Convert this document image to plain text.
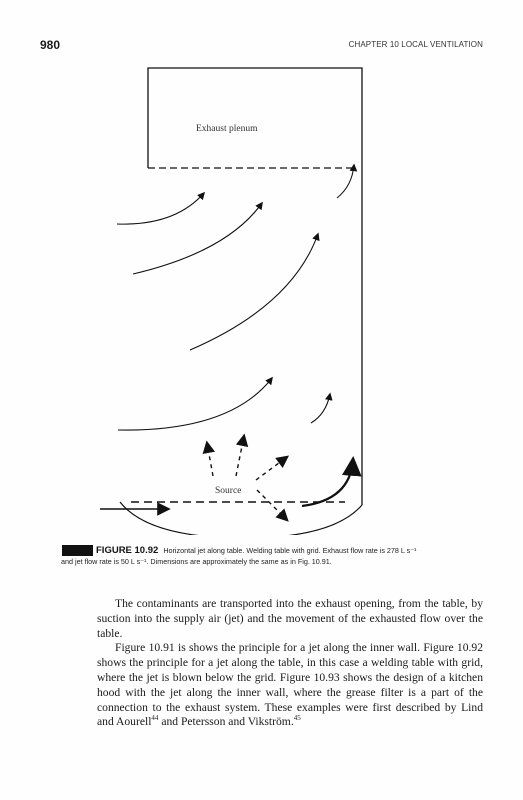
980	CHAPTER 10 LOCAL VENTILATION
Exhaust plenum
Source
FIGURE 10.92 Horizontal jet along table. Welding table with grid. Exhaust flow rate is 278 L s⁻¹
and jet flow rate is 50 L s⁻¹. Dimensions are approximately the same as in Fig. 10.91.

The contaminants are transported into the exhaust opening, from the table, by suction into the supply air (jet) and the movement of the exhausted flow over the table.

Figure 10.91 is shows the principle for a jet along the inner wall. Figure 10.92 shows the principle for a jet along the table, in this case a welding table with grid, where the jet is blown below the grid. Figure 10.93 shows the design of a kitchen hood with the jet along the inner wall, where the grease filter is a part of the connection to the exhaust system. These examples were first described by Lind and Aourell$^{44}$ and Petersson and Vikström.$^{45}$
